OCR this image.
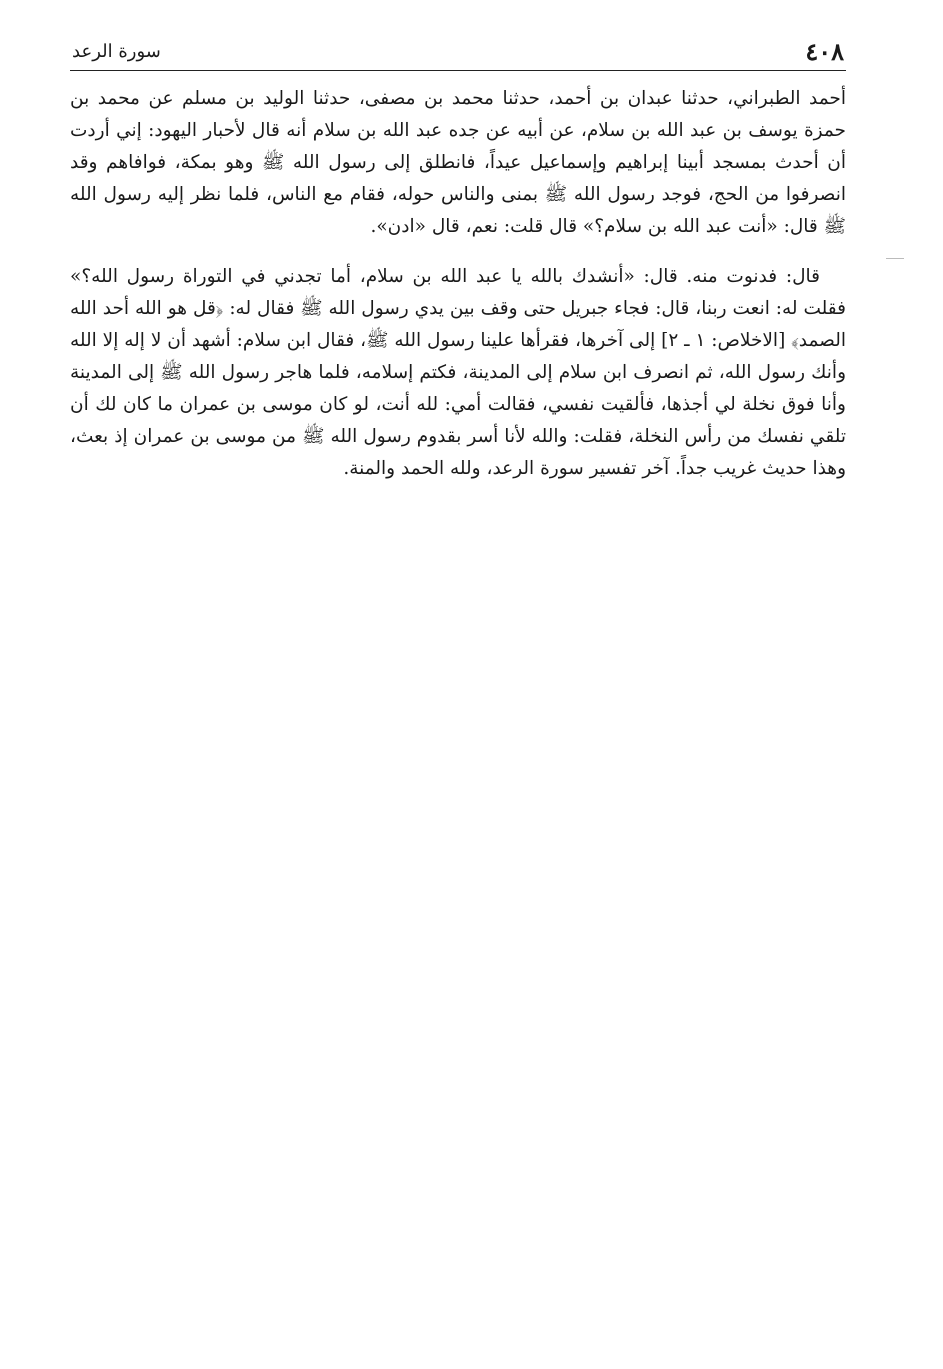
٤٠٨
سورة الرعد

أحمد الطبراني، حدثنا عبدان بن أحمد، حدثنا محمد بن مصفى، حدثنا الوليد بن مسلم عن محمد بن حمزة يوسف بن عبد الله بن سلام، عن أبيه عن جده عبد الله بن سلام أنه قال لأحبار اليهود: إني أردت أن أحدث بمسجد أبينا إبراهيم وإسماعيل عيداً، فانطلق إلى رسول الله ﷺ وهو بمكة، فوافاهم وقد انصرفوا من الحج، فوجد رسول الله ﷺ بمنى والناس حوله، فقام مع الناس، فلما نظر إليه رسول الله ﷺ قال: «أنت عبد الله بن سلام؟» قال قلت: نعم، قال «ادن».

قال: فدنوت منه. قال: «أنشدك بالله يا عبد الله بن سلام، أما تجدني في التوراة رسول الله؟» فقلت له: انعت ربنا، قال: فجاء جبريل حتى وقف بين يدي رسول الله ﷺ فقال له: ﴿قل هو الله أحد الله الصمد﴾ [الاخلاص: ١ ـ ٢] إلى آخرها، فقرأها علينا رسول الله ﷺ، فقال ابن سلام: أشهد أن لا إله إلا الله وأنك رسول الله، ثم انصرف ابن سلام إلى المدينة، فكتم إسلامه، فلما هاجر رسول الله ﷺ إلى المدينة وأنا فوق نخلة لي أجذها، فألقيت نفسي، فقالت أمي: لله أنت، لو كان موسى بن عمران ما كان لك أن تلقي نفسك من رأس النخلة، فقلت: والله لأنا أسر بقدوم رسول الله ﷺ من موسى بن عمران إذ بعث، وهذا حديث غريب جداً. آخر تفسير سورة الرعد، ولله الحمد والمنة.
